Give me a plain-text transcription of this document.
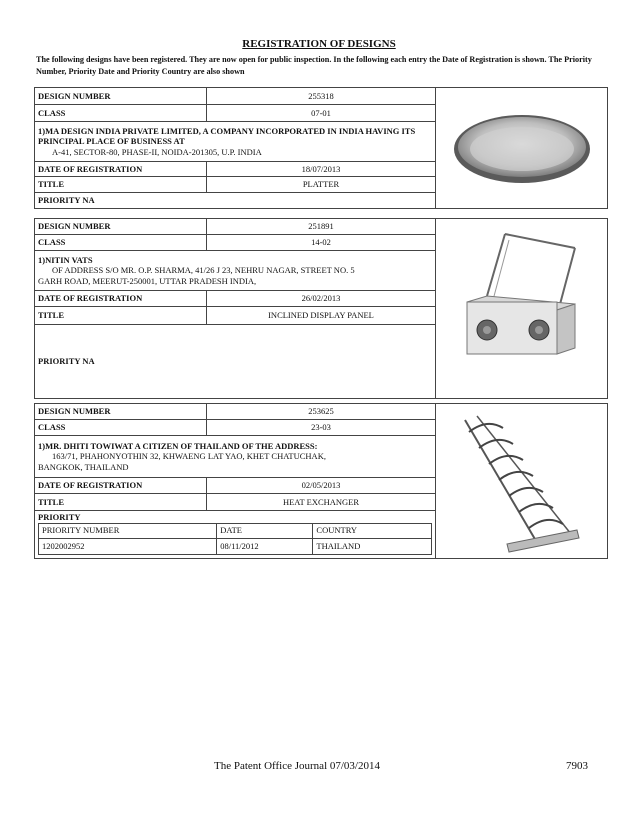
REGISTRATION OF DESIGNS
The following designs have been registered. They are now open for public inspection. In the following each entry the Date of Registration is shown. The Priority Number, Priority Date and Priority Country are also shown
DESIGN NUMBER	255318	

CLASS	07-01	

1)MA DESIGN INDIA PRIVATE LIMITED, A COMPANY INCORPORATED IN INDIA HAVING ITS PRINCIPAL PLACE OF BUSINESS AT
A-41, SECTOR-80, PHASE-II, NOIDA-201305, U.P. INDIA		

DATE OF REGISTRATION	18/07/2013	
TITLE	PLATTER	
PRIORITY NA		
DESIGN NUMBER	251891	

CLASS	14-02	

1)NITIN VATS
OF ADDRESS S/O MR. O.P. SHARMA, 41/26 J 23, NEHRU NAGAR, STREET NO. 5
GARH ROAD, MEERUT-250001, UTTAR PRADESH INDIA,		

DATE OF REGISTRATION	26/02/2013	
TITLE	INCLINED DISPLAY PANEL	
PRIORITY NA		
DESIGN NUMBER	253625	

CLASS	23-03

1)MR. DHITI TOWIWAT A CITIZEN OF THAILAND OF THE ADDRESS:
163/71, PHAHONYOTHIN 32, KHWAENG LAT YAO, KHET CHATUCHAK,
BANGKOK, THAILAND

DATE OF REGISTRATION	02/05/2013
TITLE	HEAT EXCHANGER

PRIORITY
PRIORITY NUMBER	DATE	COUNTRY
1202002952	08/11/2012	THAILAND
The Patent Office Journal 07/03/2014	7903
